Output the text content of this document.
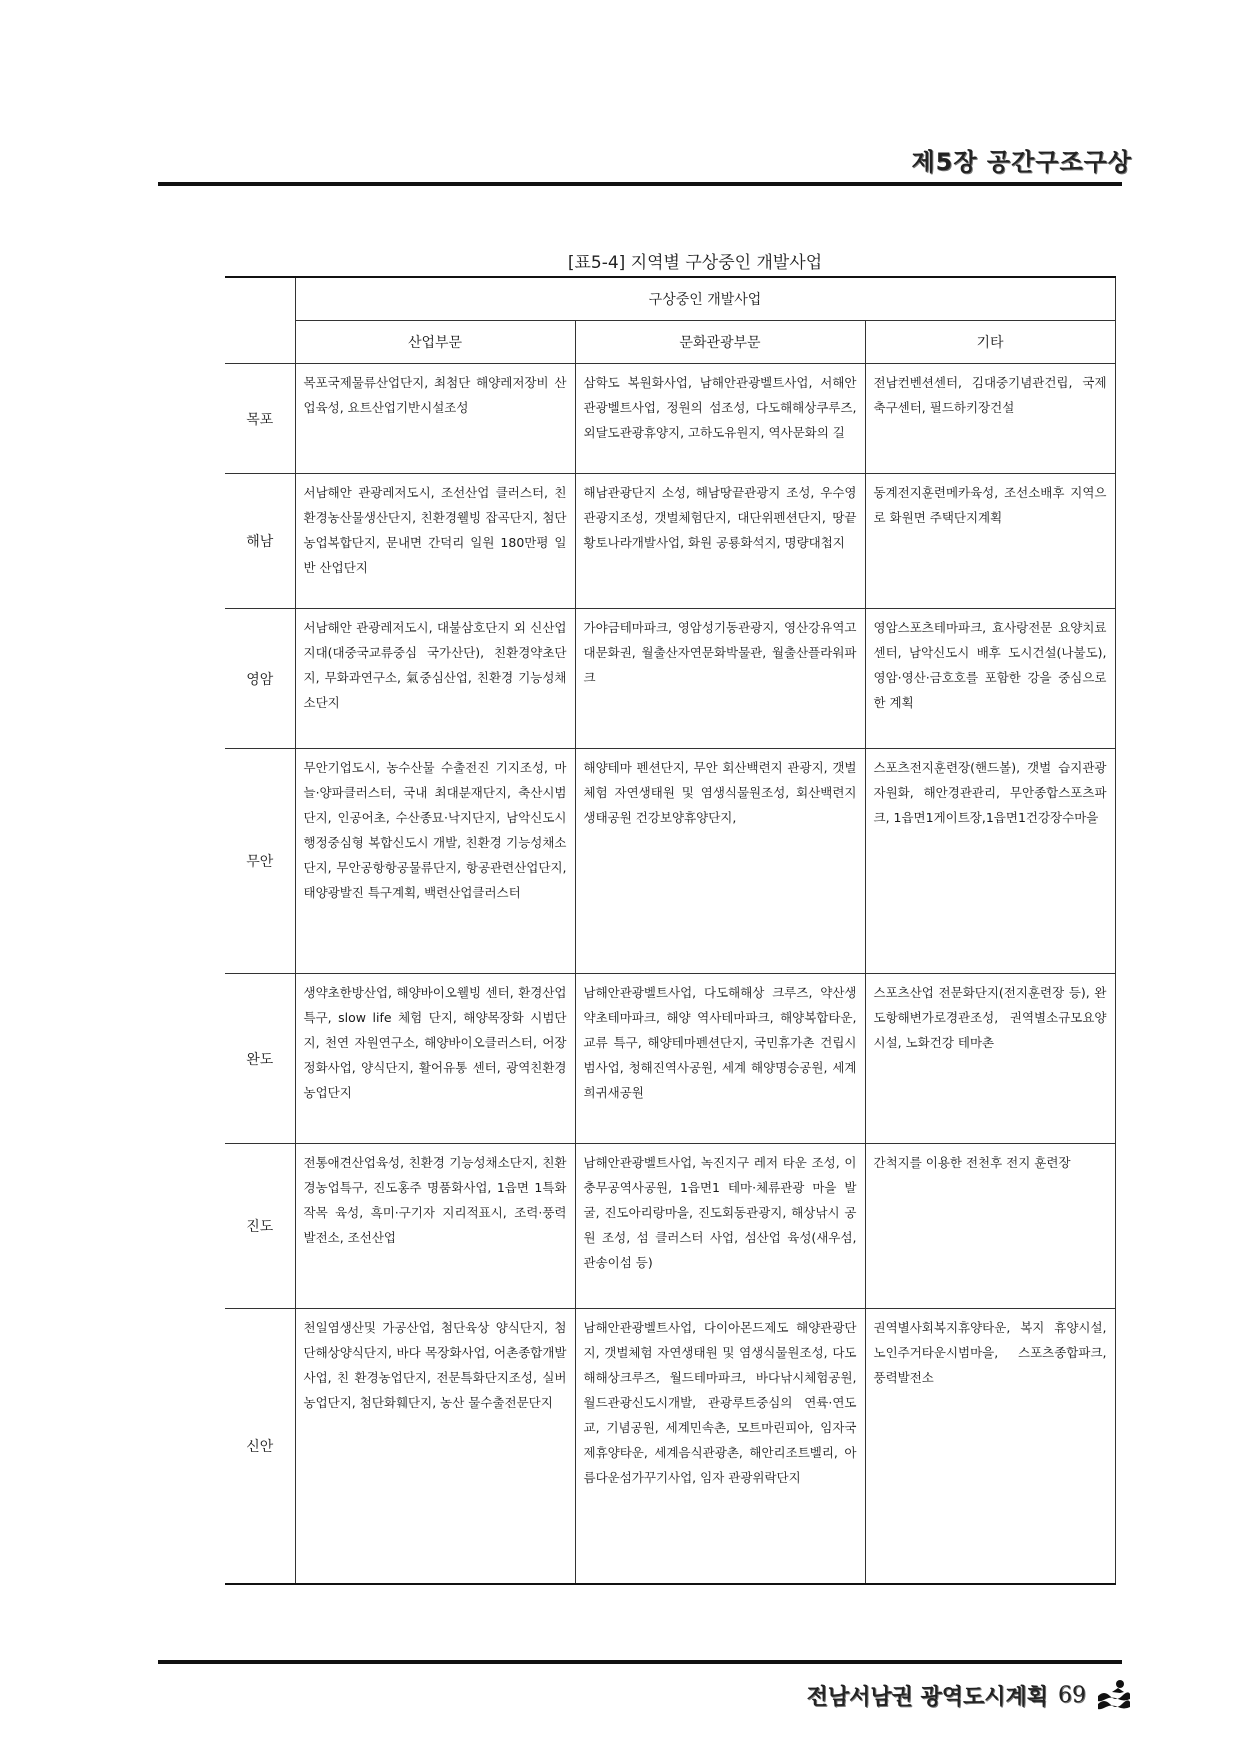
제5장 공간구조구상
[표5-4] 지역별 구상중인 개발사업
	구상중인 개발사업		
	산업부문	문화관광부문	기타
목포	목포국제물류산업단지, 최첨단 해양레저장비 산업육성, 요트산업기반시설조성	삼학도 복원화사업, 남해안관광벨트사업, 서해안관광벨트사업, 정원의 섬조성, 다도해해상쿠루즈, 외달도관광휴양지, 고하도유원지, 역사문화의 길	전남컨벤션센터, 김대중기념관건립, 국제축구센터, 필드하키장건설
해남	서남해안 관광레저도시, 조선산업 클러스터, 친환경농산물생산단지, 친환경웰빙 잡곡단지, 첨단농업복합단지, 문내면 간덕리 일원 180만평 일반 산업단지	해남관광단지 소성, 해남땅끝관광지 조성, 우수영관광지조성, 갯벌체험단지, 대단위펜션단지, 땅끝황토나라개발사업, 화원 공룡화석지, 명량대첩지	동계전지훈련메카육성, 조선소배후 지역으로 화원면 주택단지계획
영암	서남해안 관광레저도시, 대불삼호단지 외 신산업지대(대중국교류중심 국가산단), 친환경약초단지, 무화과연구소, 氣중심산업, 친환경 기능성채소단지	가야금테마파크, 영암성기동관광지, 영산강유역고대문화권, 월출산자연문화박물관, 월출산플라워파크	영암스포츠테마파크, 효사랑전문 요양치료센터, 남악신도시 배후 도시건설(나불도), 영암·영산·금호호를 포함한 강을 중심으로 한 계획
무안	무안기업도시, 농수산물 수출전진 기지조성, 마늘·양파클러스터, 국내 최대분재단지, 축산시범단지, 인공어초, 수산종묘·낙지단지, 남악신도시 행정중심형 복합신도시 개발, 친환경 기능성채소단지, 무안공항항공물류단지, 항공관련산업단지, 태양광발진 특구계획, 백련산업클러스터	해양테마 펜션단지, 무안 회산백련지 관광지, 갯벌체험 자연생태원 및 염생식물원조성, 회산백련지생태공원 건강보양휴양단지,	스포츠전지훈련장(핸드볼), 갯벌 습지관광자원화, 해안경관관리, 무안종합스포츠파크, 1읍면1게이트장,1읍면1건강장수마을
완도	생약초한방산업, 해양바이오웰빙 센터, 환경산업특구, slow life 체험 단지, 해양목장화 시범단지, 천연 자원연구소, 해양바이오클러스터, 어장정화사업, 양식단지, 활어유통 센터, 광역친환경농업단지	남해안관광벨트사업, 다도해해상 크루즈, 약산생약초테마파크, 해양 역사테마파크, 해양복합타운, 교류 특구, 해양테마펜션단지, 국민휴가촌 건립시범사업, 청해진역사공원, 세계 해양명승공원, 세계희귀새공원	스포츠산업 전문화단지(전지훈련장 등), 완도항해변가로경관조성, 권역별소규모요양시설, 노화건강 테마촌
진도	전통애견산업육성, 친환경 기능성채소단지, 친환경농업특구, 진도홍주 명품화사업, 1읍면 1특화작목 육성, 흑미·구기자 지리적표시, 조력·풍력 발전소, 조선산업	남해안관광벨트사업, 녹진지구 레저 타운 조성, 이충무공역사공원, 1읍면1 테마·체류관광 마을 발굴, 진도아리랑마을, 진도회동관광지, 해상낚시 공원 조성, 섬 클러스터 사업, 섬산업 육성(새우섬, 관송이섬 등)	간척지를 이용한 전천후 전지 훈련장
신안	천일염생산및 가공산업, 첨단육상 양식단지, 첨단해상양식단지, 바다 목장화사업, 어촌종합개발사업, 친 환경농업단지, 전문특화단지조성, 실버농업단지, 첨단화훼단지, 농산 물수출전문단지	남해안관광벨트사업, 다이아몬드제도 해양관광단지, 갯벌체험 자연생태원 및 염생식물원조성, 다도해해상크루즈, 월드테마파크, 바다낚시체험공원, 월드관광신도시개발, 관광루트중심의 연륙·연도교, 기념공원, 세계민속촌, 모트마린피아, 임자국제휴양타운, 세계음식관광촌, 해안리조트벨리, 아름다운섬가꾸기사업, 임자 관광위락단지	권역별사회복지휴양타운, 복지 휴양시설, 노인주거타운시범마을, 스포츠종합파크, 풍력발전소
전남서남권 광역도시계획 69
